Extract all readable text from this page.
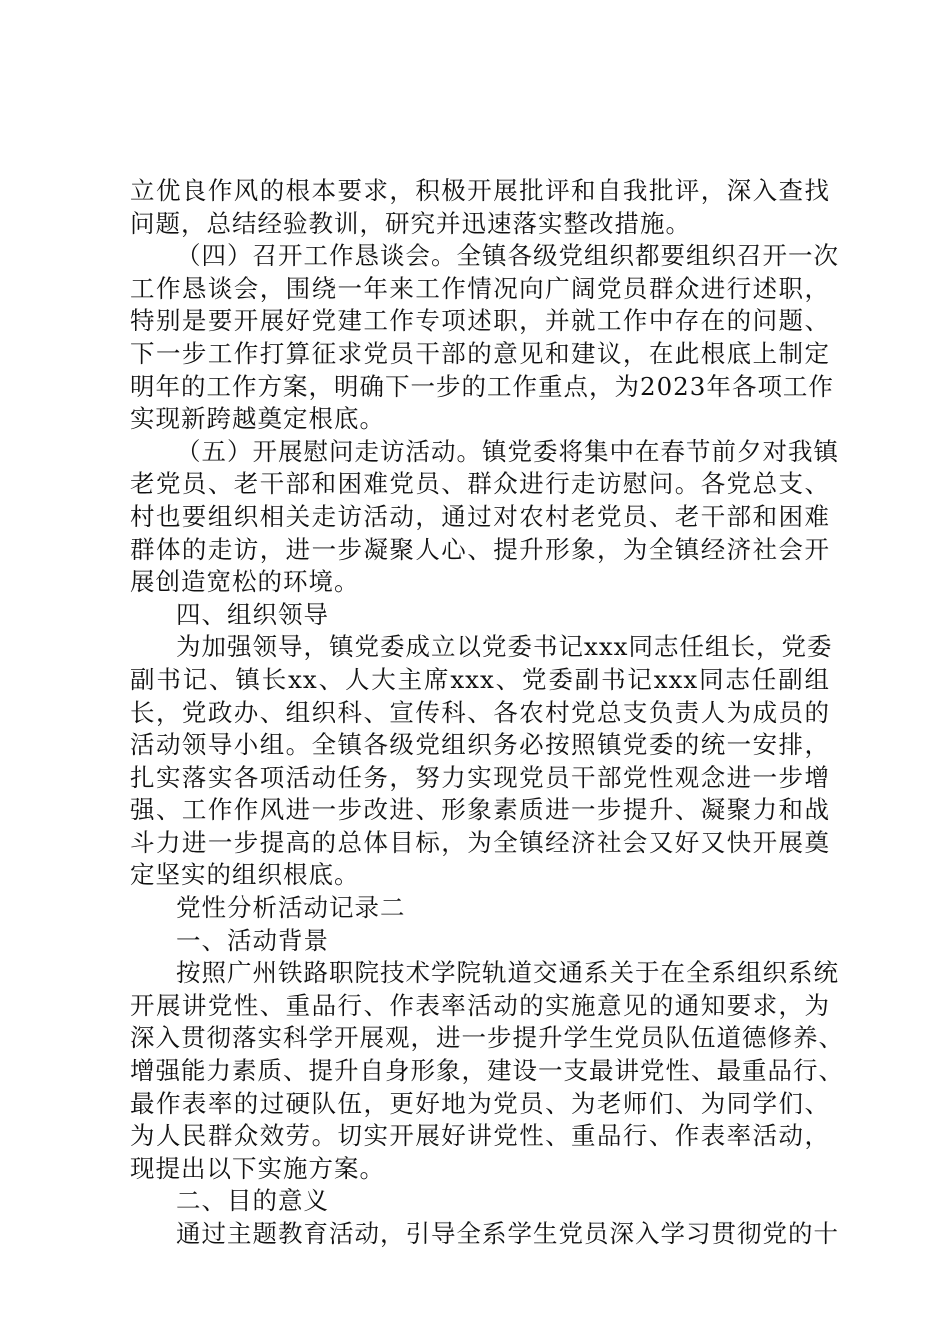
立优良作风的根本要求，积极开展批评和自我批评，深入查找
问题，总结经验教训，研究并迅速落实整改措施。
（四）召开工作恳谈会。全镇各级党组织都要组织召开一次
工作恳谈会，围绕一年来工作情况向广阔党员群众进行述职，
特别是要开展好党建工作专项述职，并就工作中存在的问题、
下一步工作打算征求党员干部的意见和建议，在此根底上制定
明年的工作方案，明确下一步的工作重点，为2023年各项工作
实现新跨越奠定根底。
（五）开展慰问走访活动。镇党委将集中在春节前夕对我镇
老党员、老干部和困难党员、群众进行走访慰问。各党总支、
村也要组织相关走访活动，通过对农村老党员、老干部和困难
群体的走访，进一步凝聚人心、提升形象，为全镇经济社会开
展创造宽松的环境。
四、组织领导
为加强领导，镇党委成立以党委书记xxx同志任组长，党委
副书记、镇长xx、人大主席xxx、党委副书记xxx同志任副组
长，党政办、组织科、宣传科、各农村党总支负责人为成员的
活动领导小组。全镇各级党组织务必按照镇党委的统一安排，
扎实落实各项活动任务，努力实现党员干部党性观念进一步增
强、工作作风进一步改进、形象素质进一步提升、凝聚力和战
斗力进一步提高的总体目标，为全镇经济社会又好又快开展奠
定坚实的组织根底。
党性分析活动记录二
一、活动背景
按照广州铁路职院技术学院轨道交通系关于在全系组织系统
开展讲党性、重品行、作表率活动的实施意见的通知要求，为
深入贯彻落实科学开展观，进一步提升学生党员队伍道德修养、
增强能力素质、提升自身形象，建设一支最讲党性、最重品行、
最作表率的过硬队伍，更好地为党员、为老师们、为同学们、
为人民群众效劳。切实开展好讲党性、重品行、作表率活动，
现提出以下实施方案。
二、目的意义
通过主题教育活动，引导全系学生党员深入学习贯彻党的十
